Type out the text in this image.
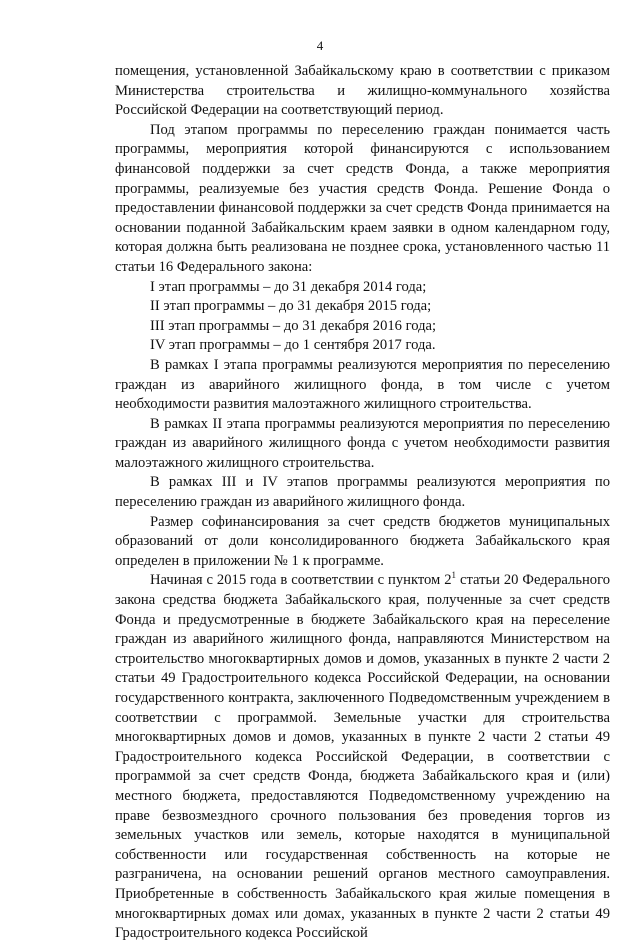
4

помещения, установленной Забайкальскому краю в соответствии с приказом Министерства строительства и жилищно-коммунального хозяйства Российской Федерации на соответствующий период.

Под этапом программы по переселению граждан понимается часть программы, мероприятия которой финансируются с использованием финансовой поддержки за счет средств Фонда, а также мероприятия программы, реализуемые без участия средств Фонда. Решение Фонда о предоставлении финансовой поддержки за счет средств Фонда принимается на основании поданной Забайкальским краем заявки в одном календарном году, которая должна быть реализована не позднее срока, установленного частью 11 статьи 16 Федерального закона:

I этап программы – до 31 декабря 2014 года;

II этап программы – до 31 декабря 2015 года;

III этап программы – до 31 декабря 2016 года;

IV этап программы – до 1 сентября 2017 года.

В рамках I этапа программы реализуются мероприятия по переселению граждан из аварийного жилищного фонда, в том числе с учетом необходимости развития малоэтажного жилищного строительства.

В рамках II этапа программы реализуются мероприятия по переселению граждан из аварийного жилищного фонда с учетом необходимости развития малоэтажного жилищного строительства.

В рамках III и IV этапов программы реализуются мероприятия по переселению граждан из аварийного жилищного фонда.

Размер софинансирования за счет средств бюджетов муниципальных образований от доли консолидированного бюджета Забайкальского края определен в приложении № 1 к программе.

Начиная с 2015 года в соответствии с пунктом $2^1$ статьи 20 Федерального закона средства бюджета Забайкальского края, полученные за счет средств Фонда и предусмотренные в бюджете Забайкальского края на переселение граждан из аварийного жилищного фонда, направляются Министерством на строительство многоквартирных домов и домов, указанных в пункте 2 части 2 статьи 49 Градостроительного кодекса Российской Федерации, на основании государственного контракта, заключенного Подведомственным учреждением в соответствии с программой. Земельные участки для строительства многоквартирных домов и домов, указанных в пункте 2 части 2 статьи 49 Градостроительного кодекса Российской Федерации, в соответствии с программой за счет средств Фонда, бюджета Забайкальского края и (или) местного бюджета, предоставляются Подведомственному учреждению на праве безвозмездного срочного пользования без проведения торгов из земельных участков или земель, которые находятся в муниципальной собственности или государственная собственность на которые не разграничена, на основании решений органов местного самоуправления. Приобретенные в собственность Забайкальского края жилые помещения в многоквартирных домах или домах, указанных в пункте 2 части 2 статьи 49 Градостроительного кодекса Российской
